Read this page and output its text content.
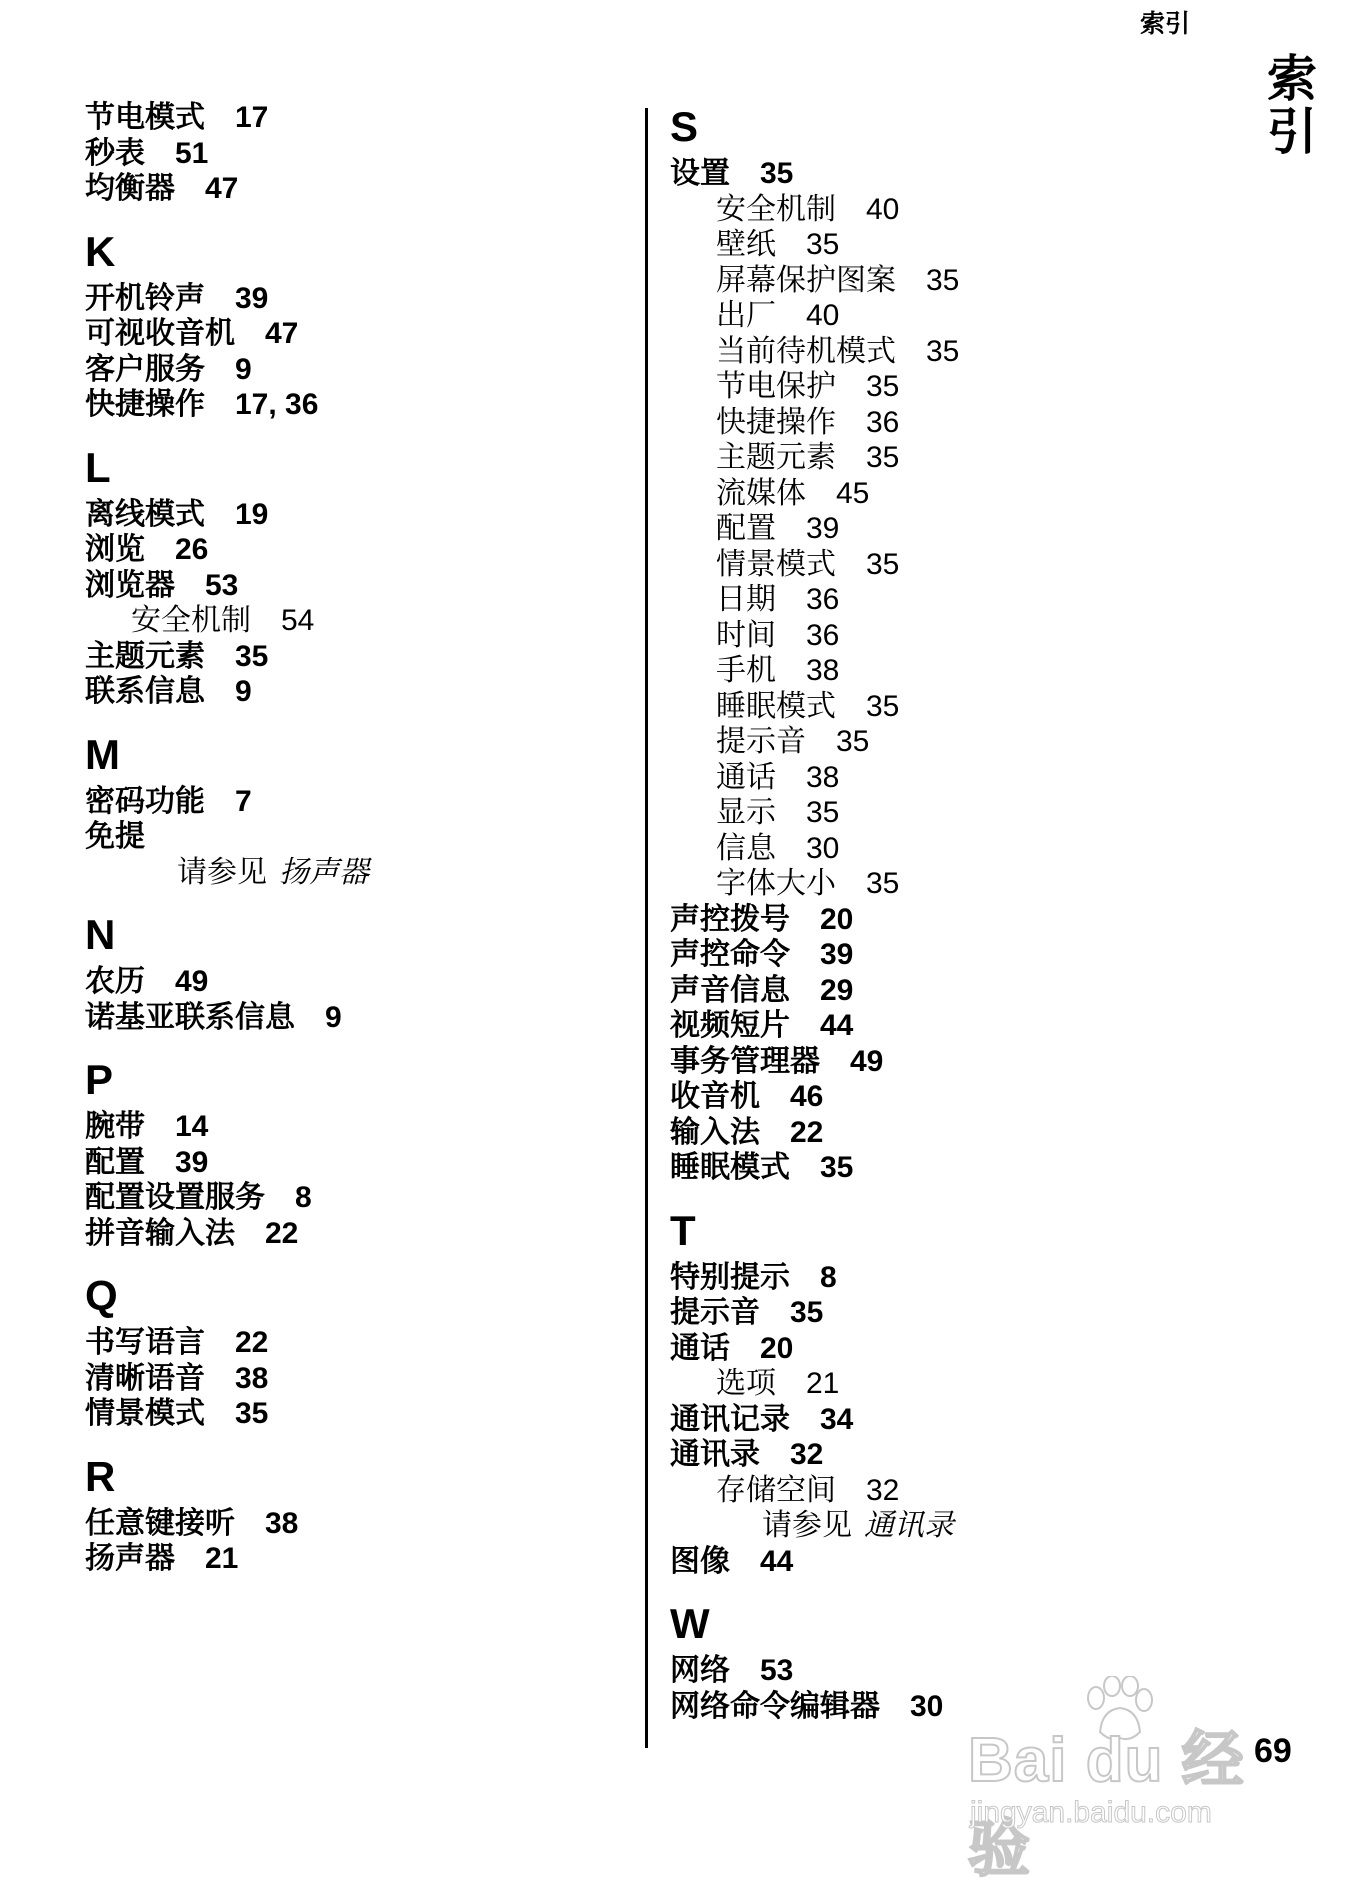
索引
索引
节电模式 17
秒表 51
均衡器 47
K
开机铃声 39
可视收音机 47
客户服务 9
快捷操作 17, 36
L
离线模式 19
浏览 26
浏览器 53
安全机制 54
主题元素 35
联系信息 9
M
密码功能 7
免提
请参见 扬声器
N
农历 49
诺基亚联系信息 9
P
腕带 14
配置 39
配置设置服务 8
拼音输入法 22
Q
书写语言 22
清晰语音 38
情景模式 35
R
任意键接听 38
扬声器 21
S
设置 35
安全机制 40
壁纸 35
屏幕保护图案 35
出厂 40
当前待机模式 35
节电保护 35
快捷操作 36
主题元素 35
流媒体 45
配置 39
情景模式 35
日期 36
时间 36
手机 38
睡眠模式 35
提示音 35
通话 38
显示 35
信息 30
字体大小 35
声控拨号 20
声控命令 39
声音信息 29
视频短片 44
事务管理器 49
收音机 46
输入法 22
睡眠模式 35
T
特别提示 8
提示音 35
通话 20
选项 21
通讯记录 34
通讯录 32
存储空间 32
请参见 通讯录
图像 44
W
网络 53
网络命令编辑器 30
Bai du 经验
jingyan.baidu.com
69
